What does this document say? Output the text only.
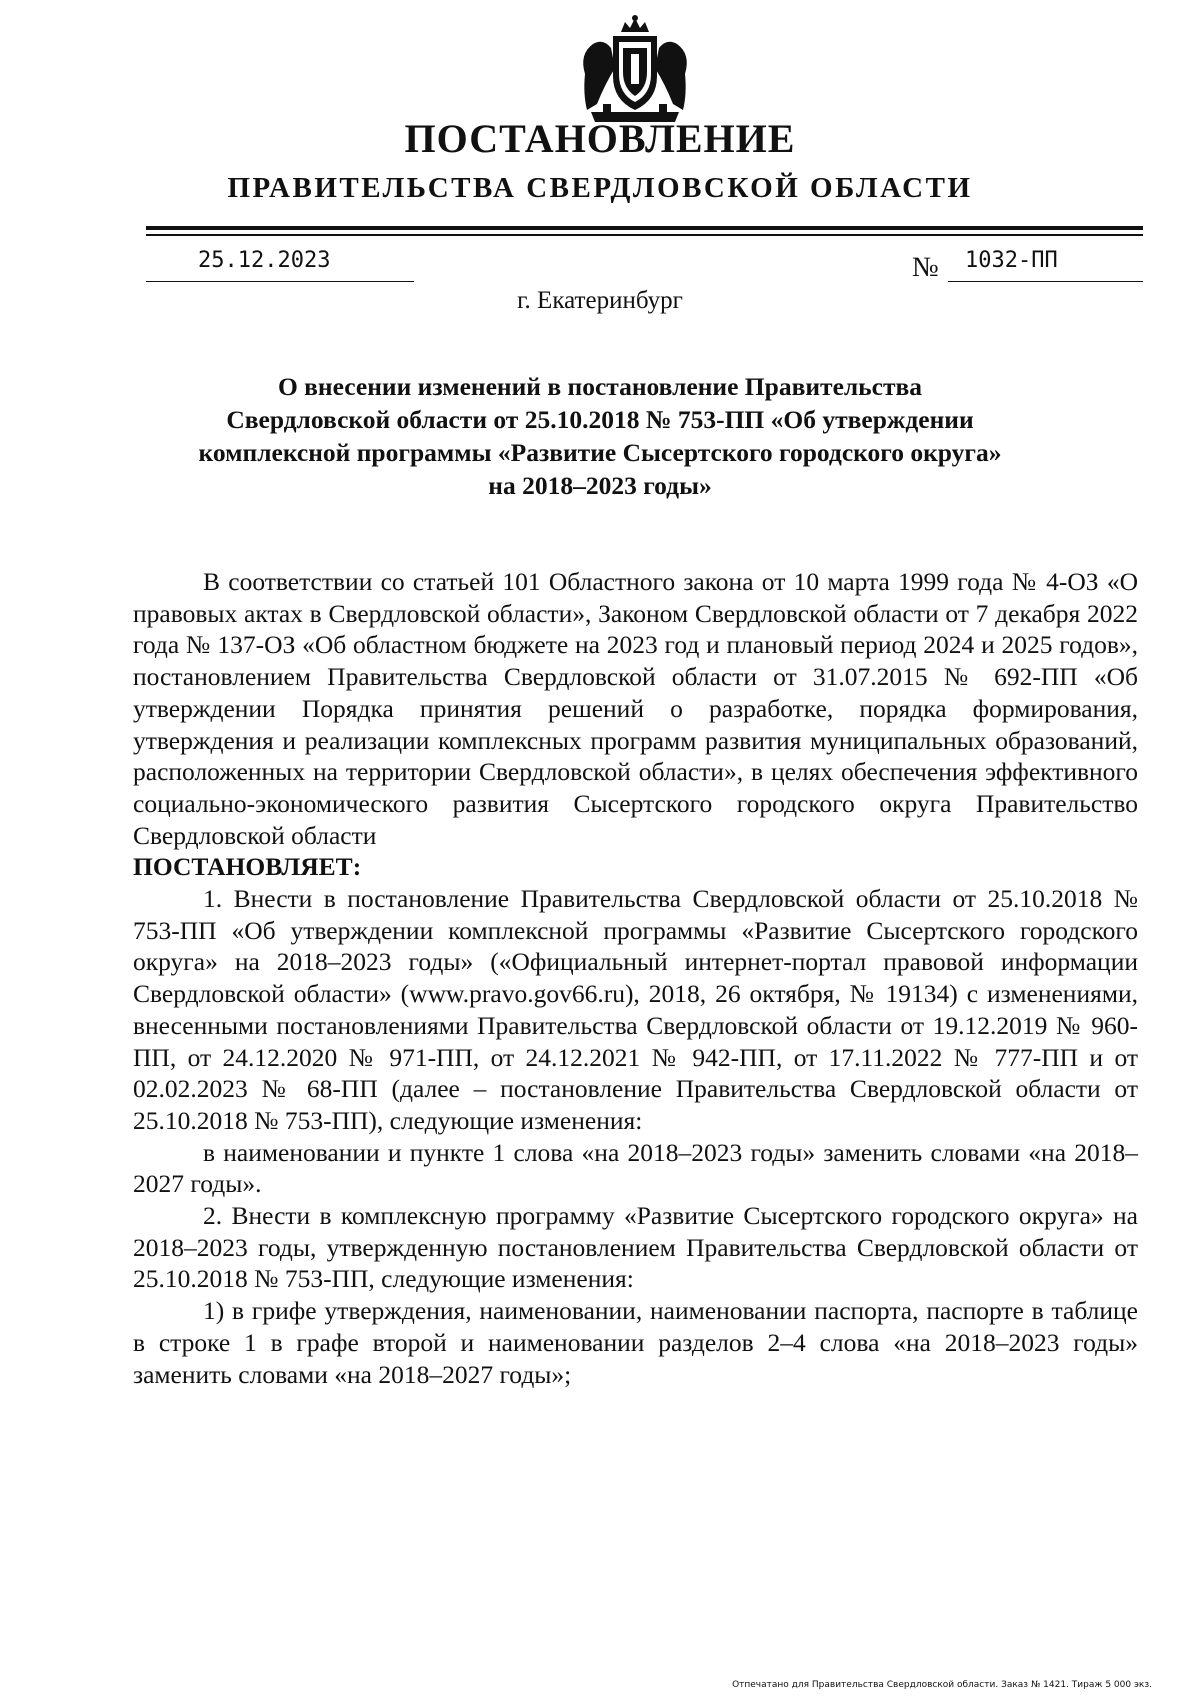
ПОСТАНОВЛЕНИЕ
ПРАВИТЕЛЬСТВА СВЕРДЛОВСКОЙ ОБЛАСТИ
25.12.2023	№ 1032-ПП
г. Екатеринбург
О внесении изменений в постановление Правительства
Свердловской области от 25.10.2018 № 753-ПП «Об утверждении
комплексной программы «Развитие Сысертского городского округа»
на 2018–2023 годы»

В соответствии со статьей 101 Областного закона от 10 марта 1999 года № 4-ОЗ «О правовых актах в Свердловской области», Законом Свердловской области от 7 декабря 2022 года № 137-ОЗ «Об областном бюджете на 2023 год и плановый период 2024 и 2025 годов», постановлением Правительства Свердловской области от 31.07.2015 № 692-ПП «Об утверждении Порядка принятия решений о разработке, порядка формирования, утверждения и реализации комплексных программ развития муниципальных образований, расположенных на территории Свердловской области», в целях обеспечения эффективного социально-экономического развития Сысертского городского округа Правительство Свердловской области

ПОСТАНОВЛЯЕТ:

1. Внести в постановление Правительства Свердловской области от 25.10.2018 № 753-ПП «Об утверждении комплексной программы «Развитие Сысертского городского округа» на 2018–2023 годы» («Официальный интернет-портал правовой информации Свердловской области» (www.pravo.gov66.ru), 2018, 26 октября, № 19134) с изменениями, внесенными постановлениями Правительства Свердловской области от 19.12.2019 № 960-ПП, от 24.12.2020 № 971-ПП, от 24.12.2021 № 942-ПП, от 17.11.2022 № 777-ПП и от 02.02.2023 № 68-ПП (далее – постановление Правительства Свердловской области от 25.10.2018 № 753-ПП), следующие изменения:

в наименовании и пункте 1 слова «на 2018–2023 годы» заменить словами «на 2018–2027 годы».

2. Внести в комплексную программу «Развитие Сысертского городского округа» на 2018–2023 годы, утвержденную постановлением Правительства Свердловской области от 25.10.2018 № 753-ПП, следующие изменения:

1) в грифе утверждения, наименовании, наименовании паспорта, паспорте в таблице в строке 1 в графе второй и наименовании разделов 2–4 слова «на 2018–2023 годы» заменить словами «на 2018–2027 годы»;

Отпечатано для Правительства Свердловской области. Заказ № 1421. Тираж 5 000 экз.
